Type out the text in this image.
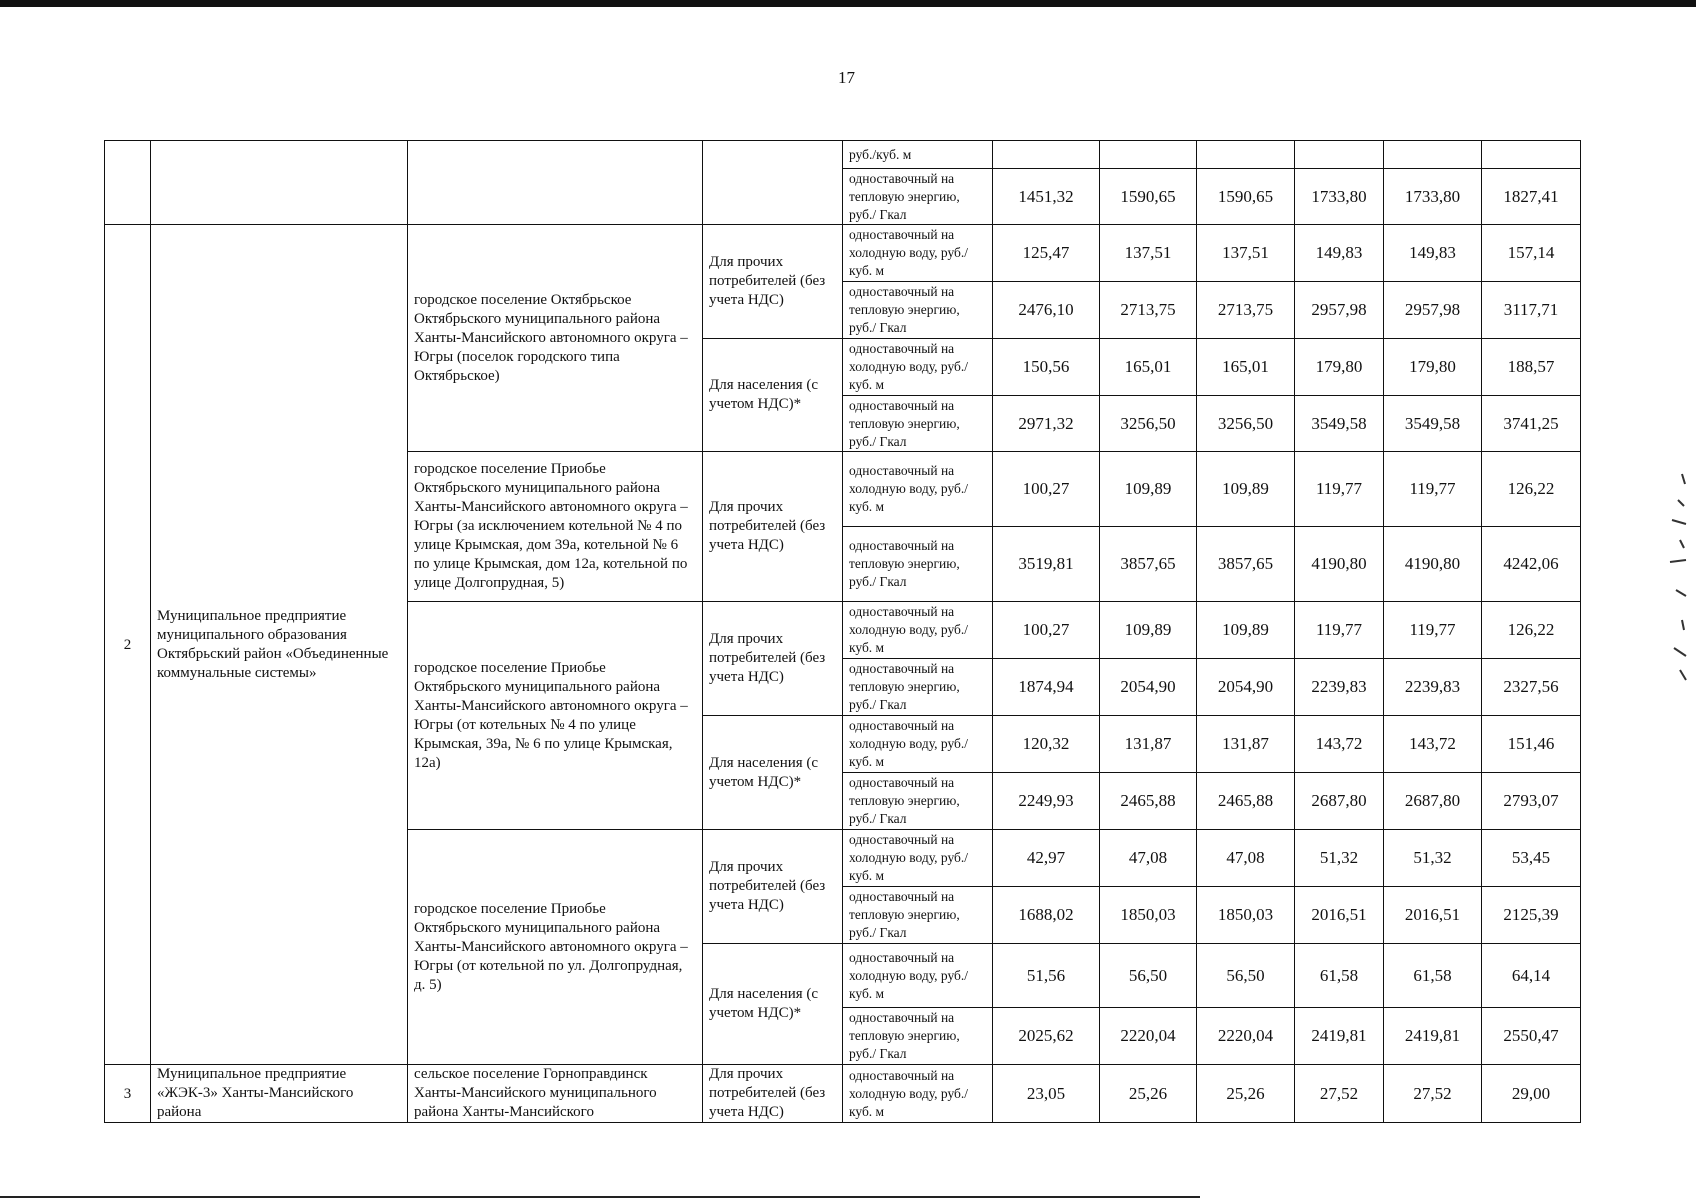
17
				руб./куб. м						
				одноставочный на тепловую энергию, руб./ Гкал	1451,32	1590,65	1590,65	1733,80	1733,80	1827,41
2	Муниципальное предприятие муниципального образования Октябрьский район «Объединенные коммунальные системы»	городское поселение Октябрьское Октябрьского муниципального района Ханты-Мансийского автономного округа – Югры (поселок городского типа Октябрьское)	Для прочих потребителей (без учета НДС)	одноставочный на холодную воду, руб./куб. м	125,47	137,51	137,51	149,83	149,83	157,14
				одноставочный на тепловую энергию, руб./ Гкал	2476,10	2713,75	2713,75	2957,98	2957,98	3117,71
			Для населения (с учетом НДС)*	одноставочный на холодную воду, руб./куб. м	150,56	165,01	165,01	179,80	179,80	188,57
				одноставочный на тепловую энергию, руб./ Гкал	2971,32	3256,50	3256,50	3549,58	3549,58	3741,25
		городское поселение Приобье Октябрьского муниципального района Ханты-Мансийского автономного округа – Югры (за исключением котельной № 4 по улице Крымская, дом 39а, котельной № 6 по улице Крымская, дом 12а, котельной по улице Долгопрудная, 5)	Для прочих потребителей (без учета НДС)	одноставочный на холодную воду, руб./куб. м	100,27	109,89	109,89	119,77	119,77	126,22
				одноставочный на тепловую энергию, руб./ Гкал	3519,81	3857,65	3857,65	4190,80	4190,80	4242,06
		городское поселение Приобье Октябрьского муниципального района Ханты-Мансийского автономного округа – Югры (от котельных № 4 по улице Крымская, 39а, № 6 по улице Крымская, 12а)	Для прочих потребителей (без учета НДС)	одноставочный на холодную воду, руб./куб. м	100,27	109,89	109,89	119,77	119,77	126,22
				одноставочный на тепловую энергию, руб./ Гкал	1874,94	2054,90	2054,90	2239,83	2239,83	2327,56
			Для населения (с учетом НДС)*	одноставочный на холодную воду, руб./куб. м	120,32	131,87	131,87	143,72	143,72	151,46
				одноставочный на тепловую энергию, руб./ Гкал	2249,93	2465,88	2465,88	2687,80	2687,80	2793,07
		городское поселение Приобье Октябрьского муниципального района Ханты-Мансийского автономного округа – Югры (от котельной по ул. Долгопрудная, д. 5)	Для прочих потребителей (без учета НДС)	одноставочный на холодную воду, руб./куб. м	42,97	47,08	47,08	51,32	51,32	53,45
				одноставочный на тепловую энергию, руб./ Гкал	1688,02	1850,03	1850,03	2016,51	2016,51	2125,39
			Для населения (с учетом НДС)*	одноставочный на холодную воду, руб./куб. м	51,56	56,50	56,50	61,58	61,58	64,14
				одноставочный на тепловую энергию, руб./ Гкал	2025,62	2220,04	2220,04	2419,81	2419,81	2550,47
3	Муниципальное предприятие «ЖЭК-3» Ханты-Мансийского района	сельское поселение Горноправдинск Ханты-Мансийского муниципального района Ханты-Мансийского	Для прочих потребителей (без учета НДС)	одноставочный на холодную воду, руб./куб. м	23,05	25,26	25,26	27,52	27,52	29,00
